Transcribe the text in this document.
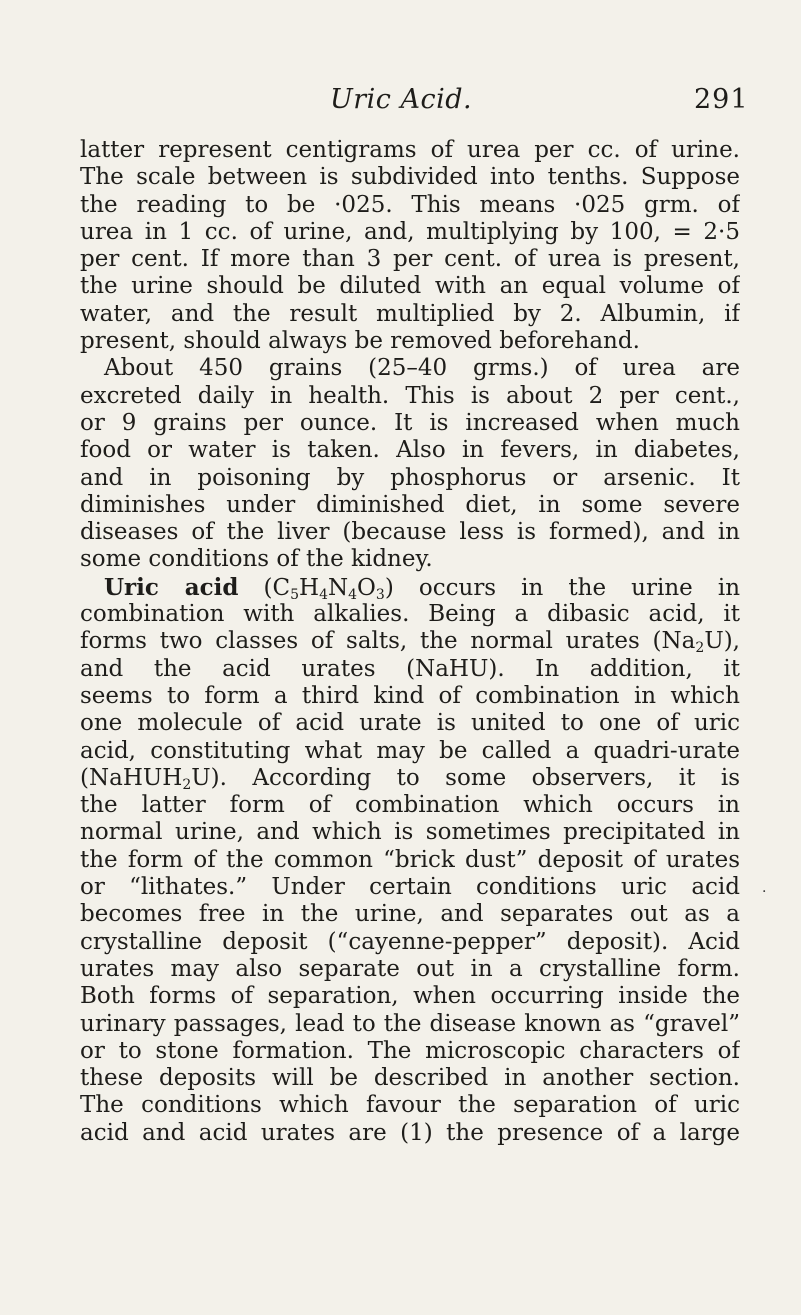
Uric Acid.	291
latter represent centigrams of urea per cc. of urine.
The scale between is subdivided into tenths. Suppose
the reading to be ·025. This means ·025 grm. of
urea in 1 cc. of urine, and, multiplying by 100, = 2·5
per cent. If more than 3 per cent. of urea is present,
the urine should be diluted with an equal volume of
water, and the result multiplied by 2. Albumin, if
present, should always be removed beforehand.
About 450 grains (25–40 grms.) of urea are
excreted daily in health. This is about 2 per cent.,
or 9 grains per ounce. It is increased when much
food or water is taken. Also in fevers, in diabetes,
and in poisoning by phosphorus or arsenic. It
diminishes under diminished diet, in some severe
diseases of the liver (because less is formed), and in
some conditions of the kidney.
Uric acid $(C_5H_4N_4O_3)$ occurs in the urine in
combination with alkalies. Being a dibasic acid, it
forms two classes of salts, the normal urates $(Na_2\overline{U})$,
and the acid urates $(NaH\overline{U})$. In addition, it
seems to form a third kind of combination in which
one molecule of acid urate is united to one of uric
acid, constituting what may be called a quadri-urate
$(NaH\overline{U}H_2\overline{U})$. According to some observers, it is
the latter form of combination which occurs in
normal urine, and which is sometimes precipitated in
the form of the common “brick dust” deposit of urates
or “lithates.” Under certain conditions uric acid
becomes free in the urine, and separates out as a
crystalline deposit (“cayenne-pepper” deposit). Acid
urates may also separate out in a crystalline form.
Both forms of separation, when occurring inside the
urinary passages, lead to the disease known as “gravel”
or to stone formation. The microscopic characters of
these deposits will be described in another section.
The conditions which favour the separation of uric
acid and acid urates are (1) the presence of a large
·
